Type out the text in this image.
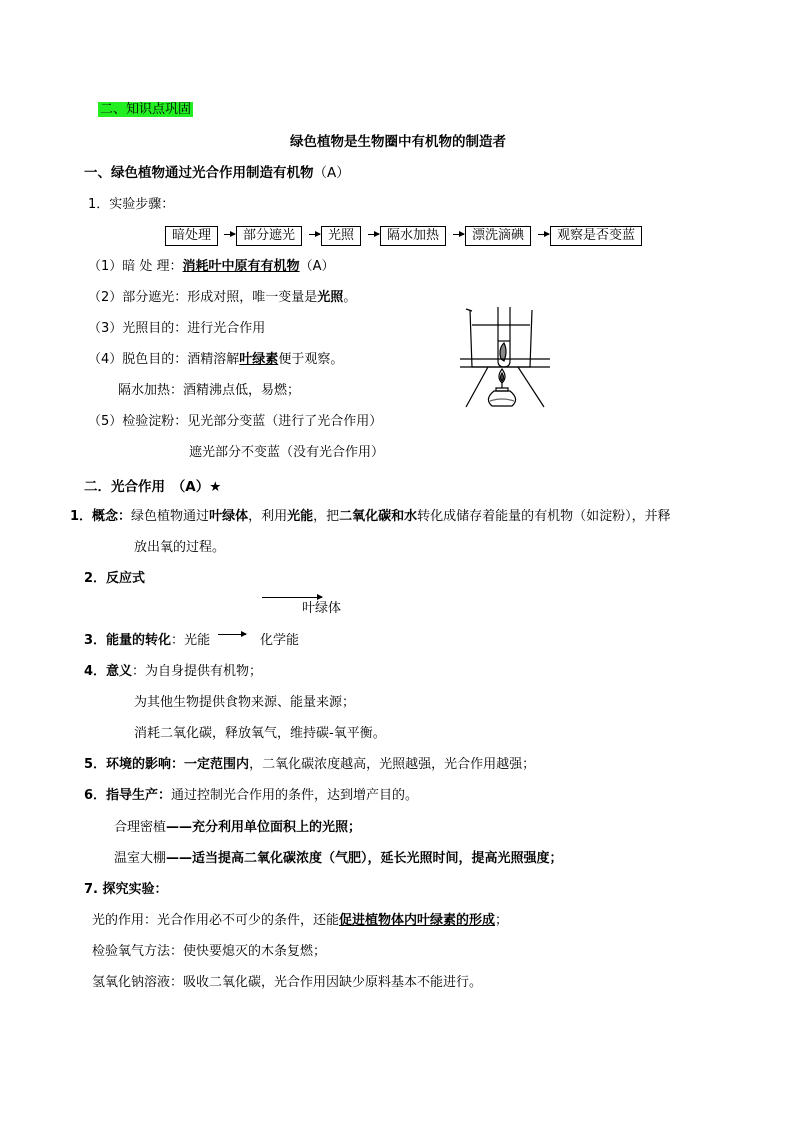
二、知识点巩固
绿色植物是生物圈中有机物的制造者
一、绿色植物通过光合作用制造有机物（A）
1．实验步骤：
暗处理	部分遮光	光照	隔水加热	漂洗滴碘	观察是否变蓝
（1）暗 处 理：消耗叶中原有有机物（A）
（2）部分遮光：形成对照，唯一变量是光照。
（3）光照目的：进行光合作用
（4）脱色目的：酒精溶解叶绿素便于观察。
隔水加热：酒精沸点低，易燃；
（5）检验淀粉：见光部分变蓝（进行了光合作用）
遮光部分不变蓝（没有光合作用）
二．光合作用　（A）★
1．概念：绿色植物通过叶绿体，利用光能，把二氧化碳和水转化成储存着能量的有机物（如淀粉），并释
放出氧的过程。
2．反应式
叶绿体
3．能量的转化：光能	化学能
4．意义：为自身提供有机物；
为其他生物提供食物来源、能量来源；
消耗二氧化碳，释放氧气，维持碳-氧平衡。
5．环境的影响：一定范围内，二氧化碳浓度越高，光照越强，光合作用越强；
6．指导生产：通过控制光合作用的条件，达到增产目的。
合理密植——充分利用单位面积上的光照；
温室大棚——适当提高二氧化碳浓度（气肥），延长光照时间，提高光照强度；
7. 探究实验：
光的作用：光合作用必不可少的条件，还能促进植物体内叶绿素的形成；
检验氧气方法：使快要熄灭的木条复燃；
氢氧化钠溶液：吸收二氧化碳，光合作用因缺少原料基本不能进行。
